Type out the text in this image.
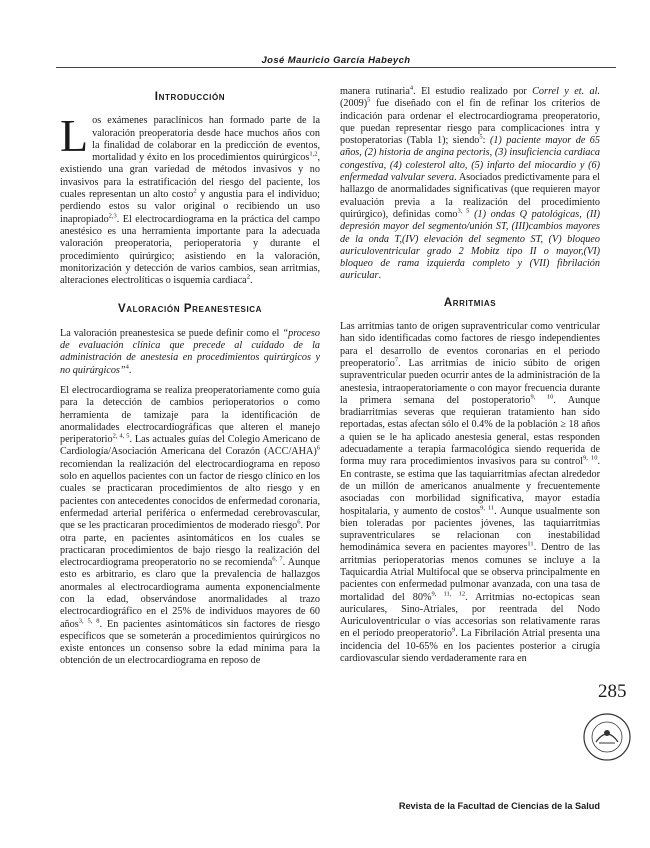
José Mauricio García Habeych
Introducción

Los exámenes paraclínicos han formado parte de la valoración preoperatoria desde hace muchos años con la finalidad de colaborar en la predicción de eventos, mortalidad y éxito en los procedimientos quirúrgicos$^{1,2}$, existiendo una gran variedad de métodos invasivos y no invasivos para la estratificación del riesgo del paciente, los cuales representan un alto costo$^2$ y angustia para el individuo; perdiendo estos su valor original o recibiendo un uso inapropiado$^{2,3}$. El electrocardiograma en la práctica del campo anestésico es una herramienta importante para la adecuada valoración preoperatoria, perioperatoria y durante el procedimiento quirúrgico; asistiendo en la valoración, monitorización y detección de varios cambios, sean arritmias, alteraciones electrolíticas o isquemia cardiaca$^2$.

Valoración Preanestesica

La valoración preanestesica se puede definir como el “proceso de evaluación clínica que precede al cuidado de la administración de anestesia en procedimientos quirúrgicos y no quirúrgicos”$^4$.

El electrocardiograma se realiza preoperatoriamente como guía para la detección de cambios perioperatorios o como herramienta de tamizaje para la identificación de anormalidades electrocardiográficas que alteren el manejo periperatorio$^{2, 4, 5}$. Las actuales guías del Colegio Americano de Cardiología/Asociación Americana del Corazón $(ACC/AHA)^6$ recomiendan la realización del electrocardiograma en reposo solo en aquellos pacientes con un factor de riesgo clínico en los cuales se practicaran procedimientos de alto riesgo y en pacientes con antecedentes conocidos de enfermedad coronaria, enfermedad arterial periférica o enfermedad cerebrovascular, que se les practicaran procedimientos de moderado riesgo$^6$. Por otra parte, en pacientes asintomáticos en los cuales se practicaran procedimientos de bajo riesgo la realización del electrocardiograma preoperatorio no se recomienda$^{6, 7}$. Aunque esto es arbitrario, es claro que la prevalencia de hallazgos anormales al electrocardiograma aumenta exponencialmente con la edad, observándose anormalidades al trazo electrocardiográfico en el 25% de individuos mayores de 60 años$^{3, 5, 8}$. En pacientes asintomáticos sin factores de riesgo específicos que se someterán a procedimientos quirúrgicos no existe entonces un consenso sobre la edad mínima para la obtención de un electrocardiograma en reposo de

manera rutinaria$^4$. El estudio realizado por Correl y et. al. $(2009)^5$ fue diseñado con el fin de refinar los criterios de indicación para ordenar el electrocardiograma preoperatorio, que puedan representar riesgo para complicaciones intra y postoperatorias (Tabla 1); siendo$^5$: (1) paciente mayor de 65 años, (2) historia de angina pectoris, (3) insuficiencia cardiaca congestiva, (4) colesterol alto, (5) infarto del miocardio y (6) enfermedad valvular severa. Asociados predictivamente para el hallazgo de anormalidades significativas (que requieren mayor evaluación previa a la realización del procedimiento quirúrgico), definidas como$^{3, 5}$ (1) ondas Q patológicas, (II) depresión mayor del segmento/unión ST, (III)cambios mayores de la onda T,(IV) elevación del segmento ST, (V) bloqueo auriculoventricular grado 2 Mobitz tipo II o mayor,(VI) bloqueo de rama izquierda completo y (VII) fibrilación auricular.

Arritmias

Las arritmias tanto de origen supraventricular como ventricular han sido identificadas como factores de riesgo independientes para el desarrollo de eventos coronarias en el periodo preoperatorio$^7$. Las arritmias de inicio súbito de origen supraventricular pueden ocurrir antes de la administración de la anestesia, intraoperatoriamente o con mayor frecuencia durante la primera semana del postoperatorio$^{9, 10}$. Aunque bradiarritmias severas que requieran tratamiento han sido reportadas, estas afectan sólo el 0.4% de la población ≥ 18 años a quien se le ha aplicado anestesia general, estas responden adecuadamente a terapia farmacológica siendo requerida de forma muy rara procedimientos invasivos para su control$^{9, 10}$. En contraste, se estima que las taquiarritmias afectan alrededor de un millón de americanos anualmente y frecuentemente asociadas con morbilidad significativa, mayor estadía hospitalaria, y aumento de costos$^{9, 11}$. Aunque usualmente son bien toleradas por pacientes jóvenes, las taquiarritmias supraventriculares se relacionan con inestabilidad hemodinámica severa en pacientes mayores$^{11}$. Dentro de las arritmias perioperatorias menos comunes se incluye a la Taquicardia Atrial Multifocal que se observa principalmente en pacientes con enfermedad pulmonar avanzada, con una tasa de mortalidad del 80%$^{9, 11, 12}$. Arritmias no-ectopicas sean auriculares, Sino-Atriales, por reentrada del Nodo Auriculoventricular o vías accesorias son relativamente raras en el periodo preoperatorio$^9$. La Fibrilación Atrial presenta una incidencia del 10-65% en los pacientes posterior a cirugía cardiovascular siendo verdaderamente rara en

285
Revista de la Facultad de Ciencias de la Salud
